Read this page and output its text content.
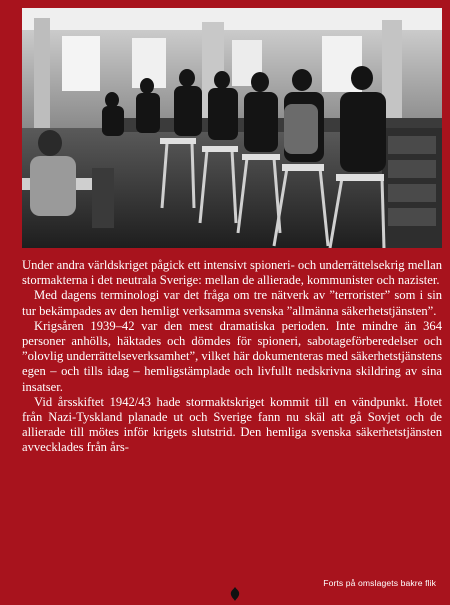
Under andra världskriget pågick ett intensivt spioneri- och underrättelsekrig mellan stormakterna i det neutrala Sverige: mellan de allierade, kommunister och nazister.

Med dagens terminologi var det fråga om tre nätverk av ”terroristerˮ som i sin tur bekämpades av den hemligt verksamma svenska ”allmänna säkerhetstjänsten”.

Krigsåren 1939–42 var den mest dramatiska perioden. Inte mindre än 364 personer anhölls, häktades och dömdes för spioneri, sabotageförberedelser och ”olovlig underrättelseverksamhet”, vilket här dokumenteras med säkerhetstjänstens egen – och tills idag – hemligstämplade och livfullt nedskrivna skildring av sina insatser.

Vid årsskiftet 1942/43 hade stormaktskriget kommit till en vändpunkt. Hotet från Nazi-Tyskland planade ut och Sverige fann nu skäl att gå Sovjet och de allierade till mötes inför krigets slutstrid. Den hemliga svenska säkerhetstjänsten avvecklades från års-

Forts på omslagets bakre flik
